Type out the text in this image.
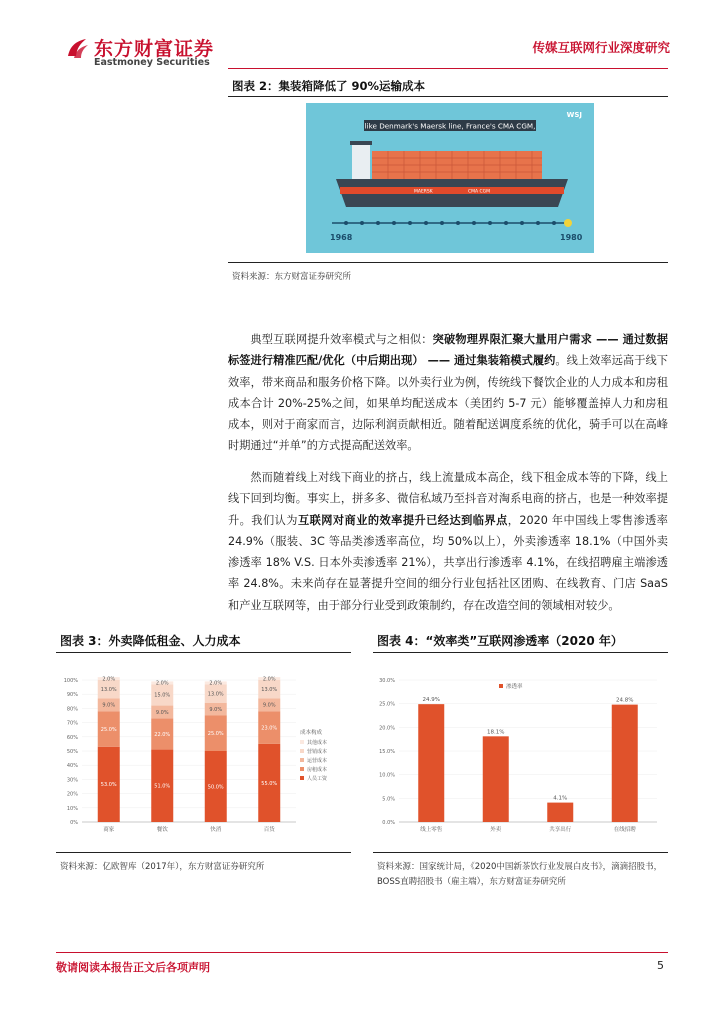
东方财富证券
Eastmoney Securities
传媒互联网行业深度研究
图表 2：集装箱降低了 90%运输成本
like Denmark's Maersk line, France's CMA CGM,
WSJ
MAERSK	CMA CGM
1968	1980
资料来源：东方财富证券研究所
典型互联网提升效率模式与之相似：突破物理界限汇聚大量用户需求 —— 通过数据标签进行精准匹配/优化（中后期出现） —— 通过集装箱模式履约。线上效率远高于线下效率，带来商品和服务价格下降。以外卖行业为例，传统线下餐饮企业的人力成本和房租成本合计 20%-25%之间，如果单均配送成本（美团约 5-7 元）能够覆盖掉人力和房租成本，则对于商家而言，边际利润贡献相近。随着配送调度系统的优化，骑手可以在高峰时期通过“并单”的方式提高配送效率。
然而随着线上对线下商业的挤占，线上流量成本高企，线下租金成本等的下降，线上线下回到均衡。事实上，拼多多、微信私域乃至抖音对淘系电商的挤占，也是一种效率提升。我们认为互联网对商业的效率提升已经达到临界点，2020 年中国线上零售渗透率 24.9%（服装、3C 等品类渗透率高位，均 50%以上），外卖渗透率 18.1%（中国外卖渗透率 18% V.S. 日本外卖渗透率 21%），共享出行渗透率 4.1%，在线招聘雇主端渗透率 24.8%。未来尚存在显著提升空间的细分行业包括社区团购、在线教育、门店 SaaS 和产业互联网等，由于部分行业受到政策制约，存在改造空间的领域相对较少。
图表 3：外卖降低租金、人力成本	图表 4：“效率类”互联网渗透率（2020 年）
0%
10%
20%
30%
40%
50%
60%
70%
80%
90%
100%
53.0%
25.0%
9.0%
13.0%
2.0%
商家
51.0%
22.0%
9.0%
15.0%
2.0%
餐饮
50.0%
25.0%
9.0%
13.0%
2.0%
快消
55.0%
23.0%
9.0%
13.0%
2.0%
百货
成本构成
其他成本
营销成本
运营成本
房租成本
人员工资
0.0%
5.0%
10.0%
15.0%
20.0%
25.0%
30.0%
渗透率
24.9%
线上零售
18.1%
外卖
4.1%
共享出行
24.8%
在线招聘
资料来源：亿欧智库（2017年），东方财富证券研究所	资料来源：国家统计局，《2020中国新茶饮行业发展白皮书》，滴滴招股书，BOSS直聘招股书（雇主端），东方财富证券研究所
敬请阅读本报告正文后各项声明	5
